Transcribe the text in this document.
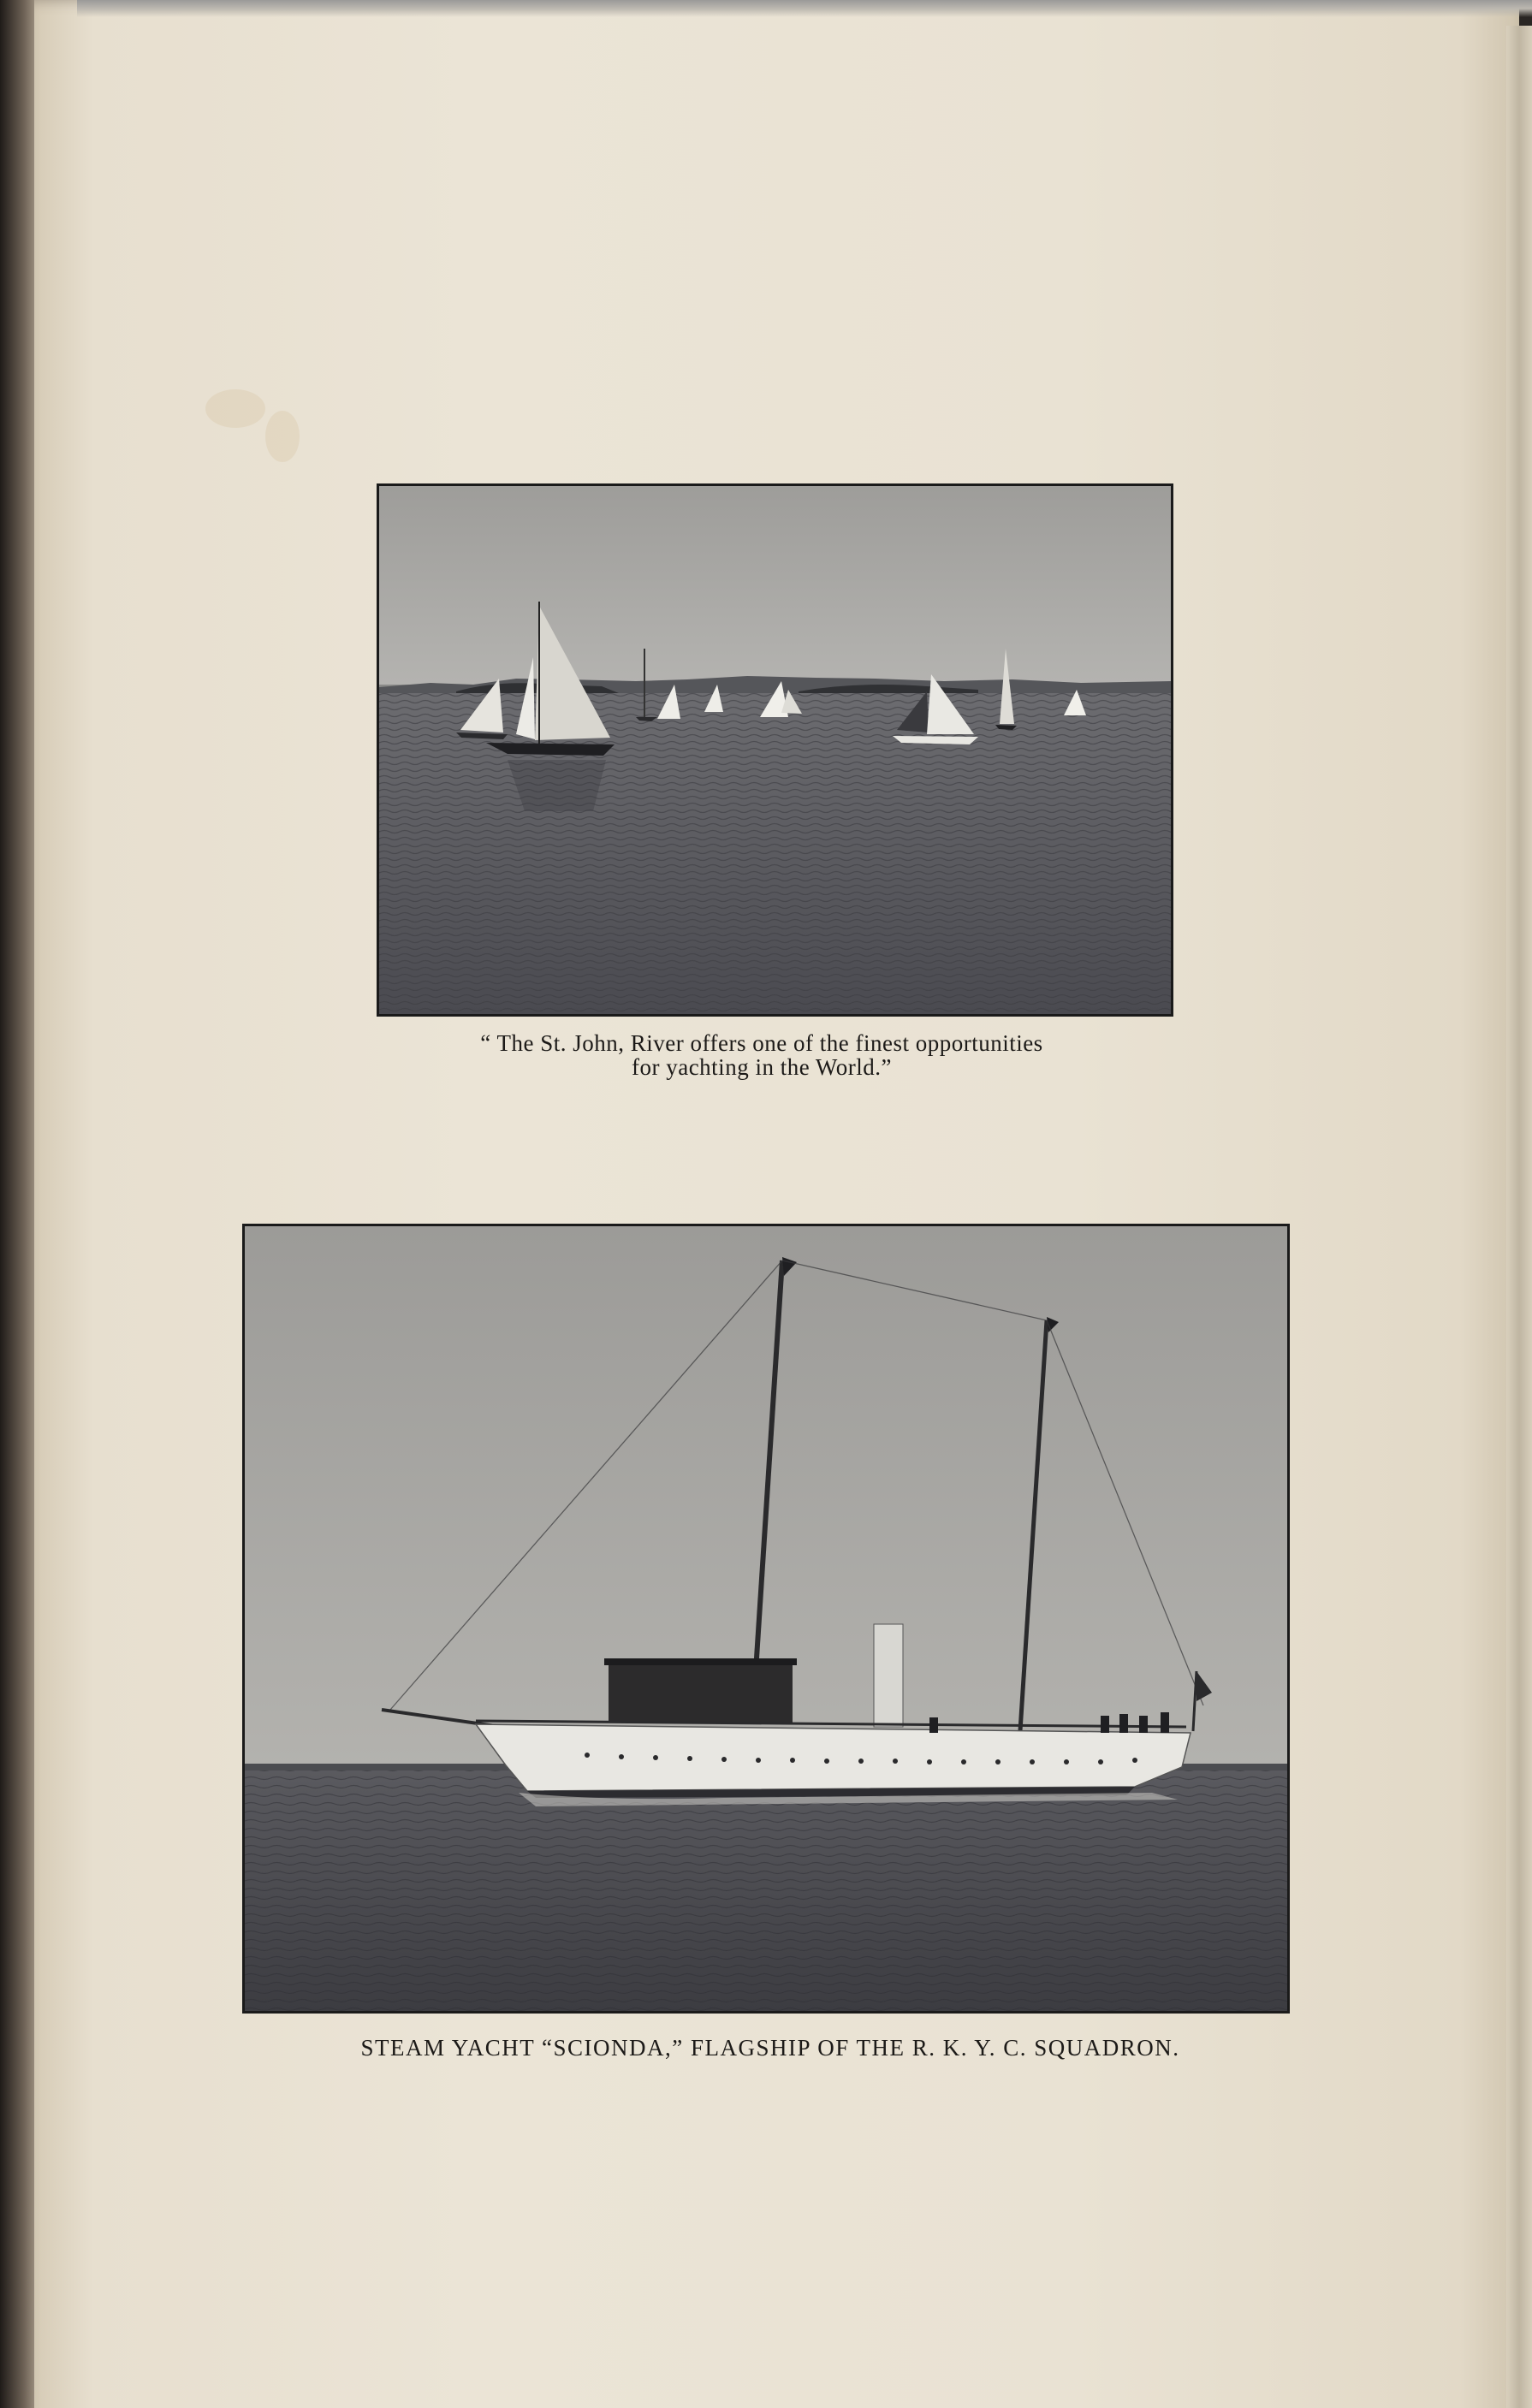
“ The St. John, River offers one of the finest opportunities
for yachting in the World.”

STEAM YACHT “SCIONDA,” FLAGSHIP OF THE R. K. Y. C. SQUADRON.
